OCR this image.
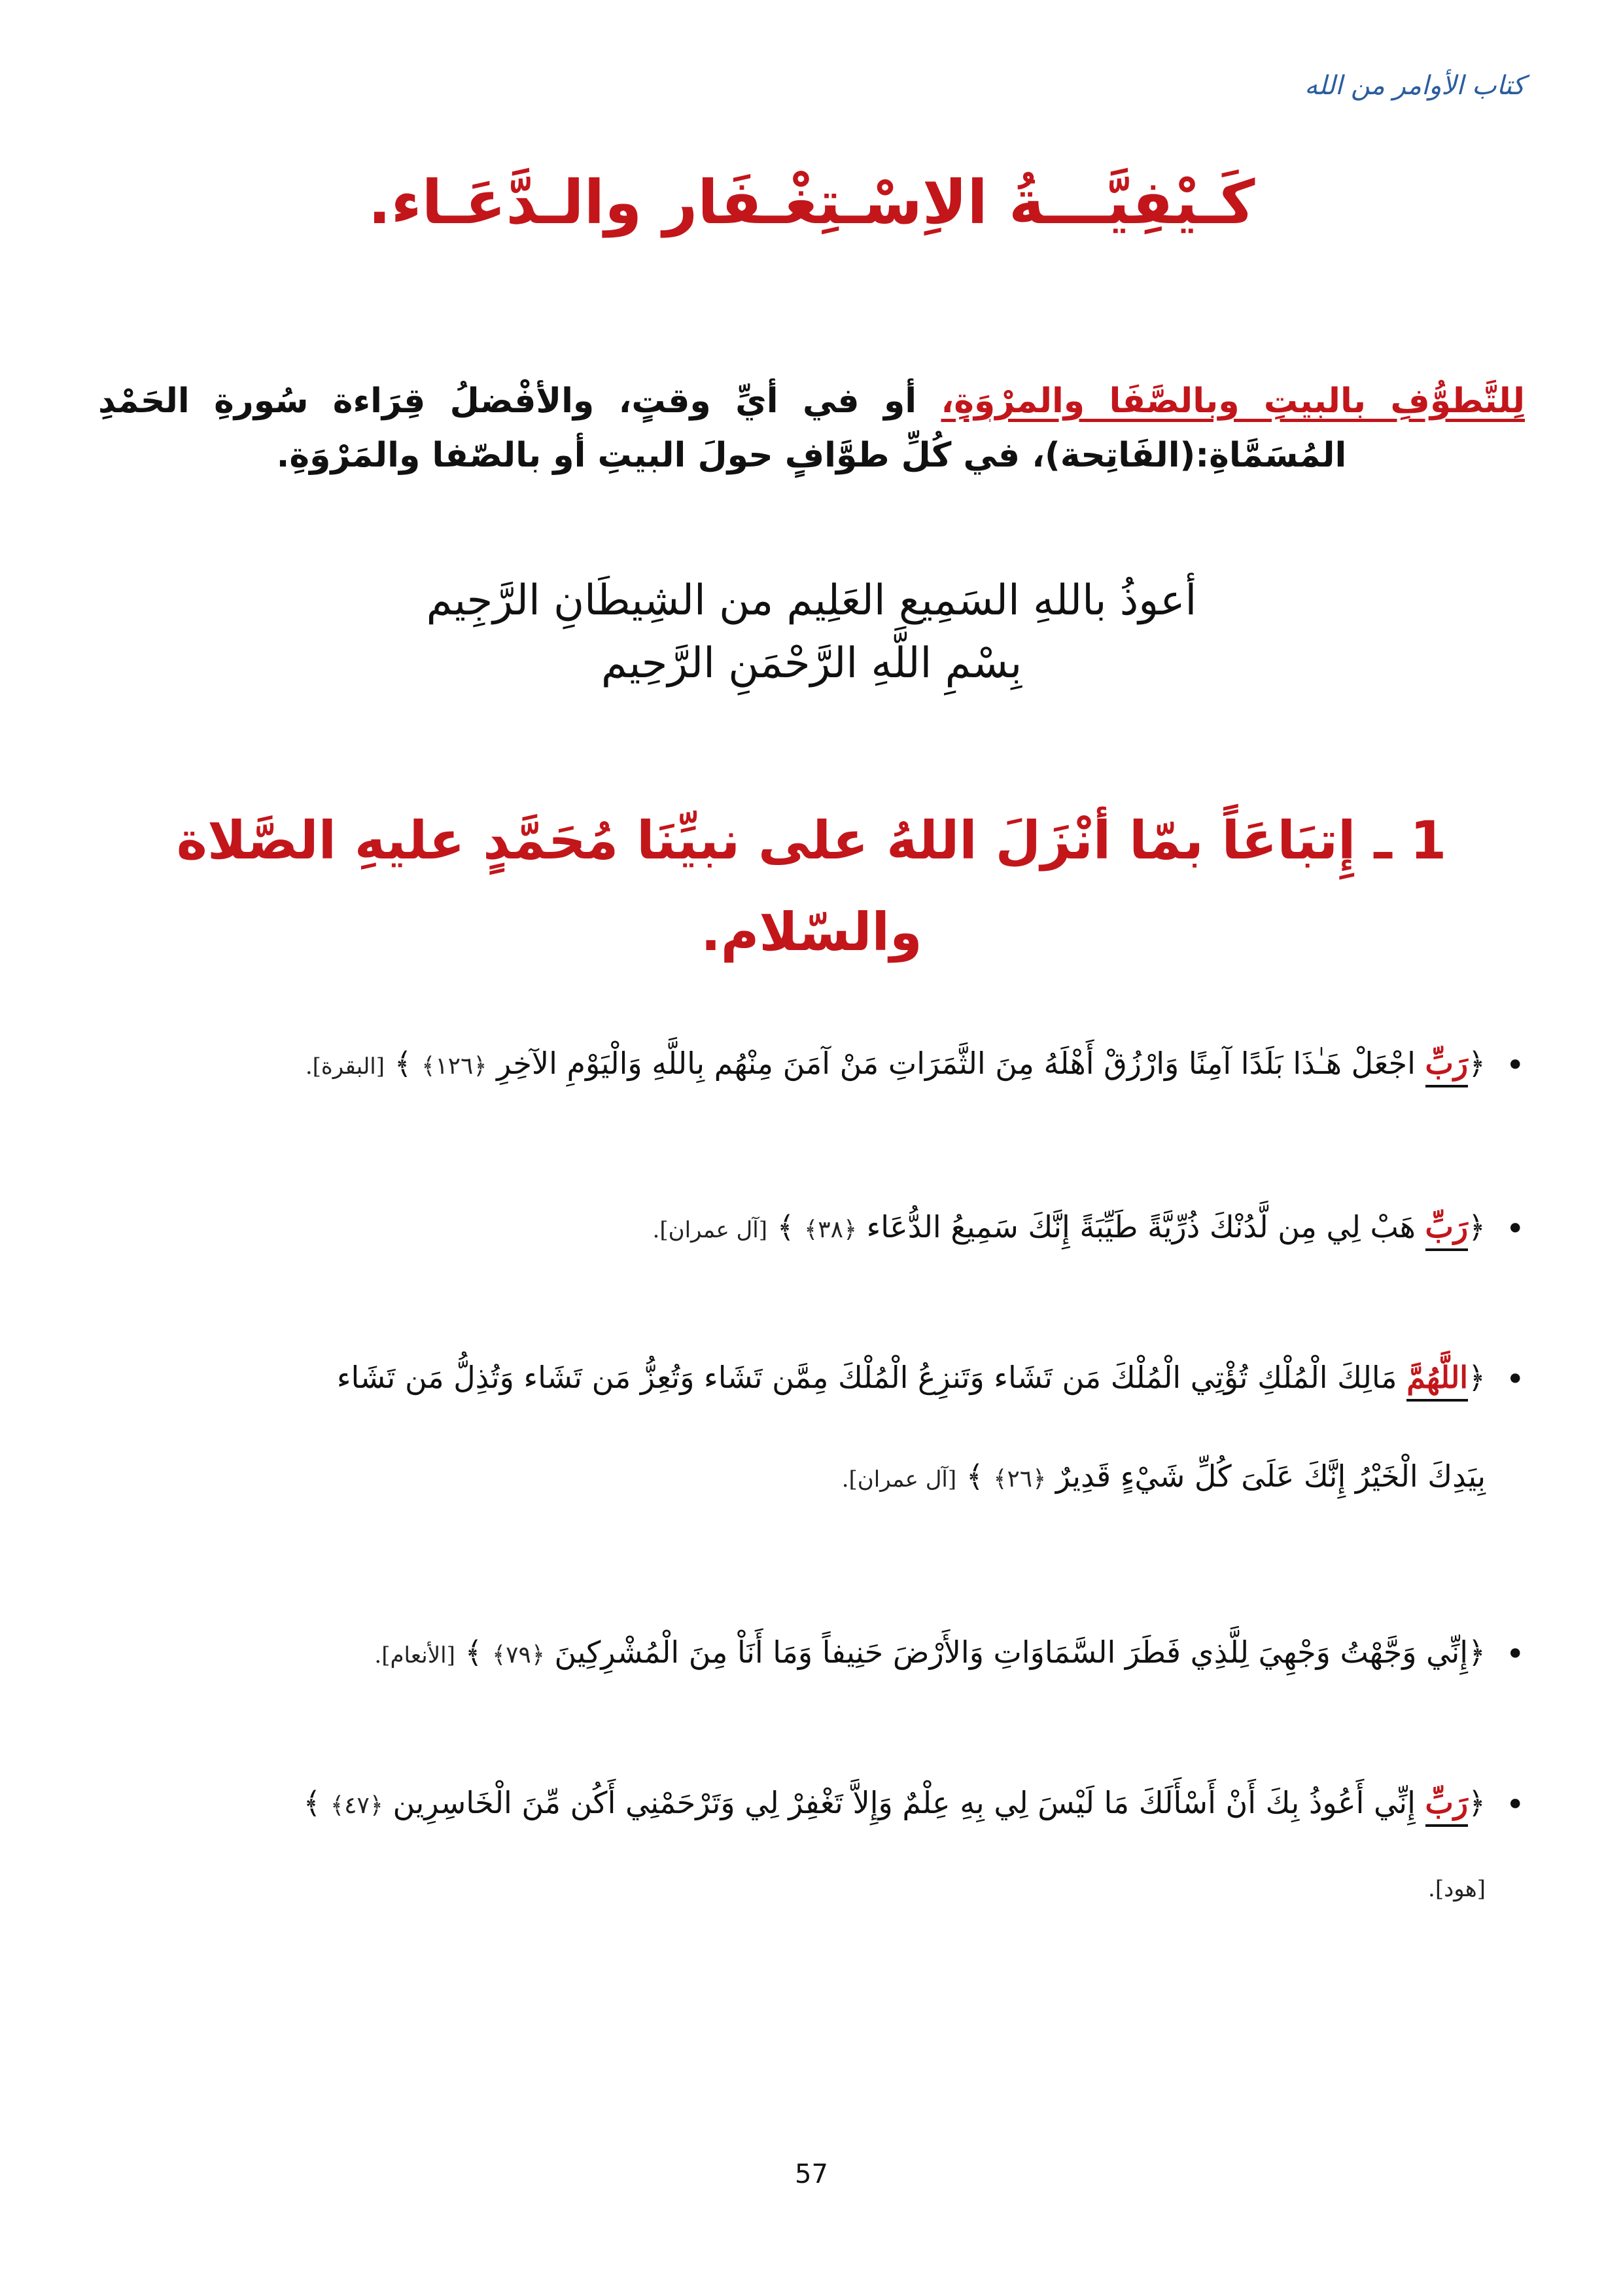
كتاب الأوامر من الله
كَـيْفِيَّـــةُ الاِسْـتِغْـفَار والـدَّعَـاء.

لِلتَّطوُّفِ بالبيتِ وبالصَّفَا والمرْوَةِ، أو في أيِّ وقتٍ، والأفْضلُ قِرَاءة سُورةِ الحَمْدِ المُسَمَّاةِ:(الفَاتِحة)، في كُلِّ طوَّافٍ حولَ البيتِ أو بالصّفا والمَرْوَةِ.

أعوذُ باللهِ السَمِيع العَلِيم من الشِيطَانِ الرَّجِيم
بِسْمِ اللَّهِ الرَّحْمَنِ الرَّحِيم
1 ـ إِتبَاعَاً بمّا أنْزَلَ اللهُ على نبيِّنَا مُحَمَّدٍ عليهِ الصَّلاة والسّلام.
• ﴿رَبِّ اجْعَلْ هَـٰذَا بَلَدًا آمِنًا وَارْزُقْ أَهْلَهُ مِنَ الثَّمَرَاتِ مَنْ آمَنَ مِنْهُم بِاللَّهِ وَالْيَوْمِ الآخِرِ ﴿١٢٦﴾ ﴾ [البقرة].
• ﴿رَبِّ هَبْ لِي مِن لَّدُنْكَ ذُرِّيَّةً طَيِّبَةً إِنَّكَ سَمِيعُ الدُّعَاء ﴿٣٨﴾ ﴾ [آل عمران].
• ﴿اللَّهُمَّ مَالِكَ الْمُلْكِ تُؤْتِي الْمُلْكَ مَن تَشَاء وَتَنزِعُ الْمُلْكَ مِمَّن تَشَاء وَتُعِزُّ مَن تَشَاء وَتُذِلُّ مَن تَشَاء
بِيَدِكَ الْخَيْرُ إِنَّكَ عَلَىَ كُلِّ شَيْءٍ قَدِيرٌ ﴿٢٦﴾ ﴾ [آل عمران].
• ﴿إِنِّي وَجَّهْتُ وَجْهِيَ لِلَّذِي فَطَرَ السَّمَاوَاتِ وَالأَرْضَ حَنِيفاً وَمَا أَنَاْ مِنَ الْمُشْرِكِينَ ﴿٧٩﴾ ﴾ [الأنعام].
• ﴿رَبِّ إِنِّي أَعُوذُ بِكَ أَنْ أَسْأَلَكَ مَا لَيْسَ لِي بِهِ عِلْمٌ وَإِلاَّ تَغْفِرْ لِي وَتَرْحَمْنِي أَكُن مِّنَ الْخَاسِرِين ﴿٤٧﴾ ﴾
[هود].
57
